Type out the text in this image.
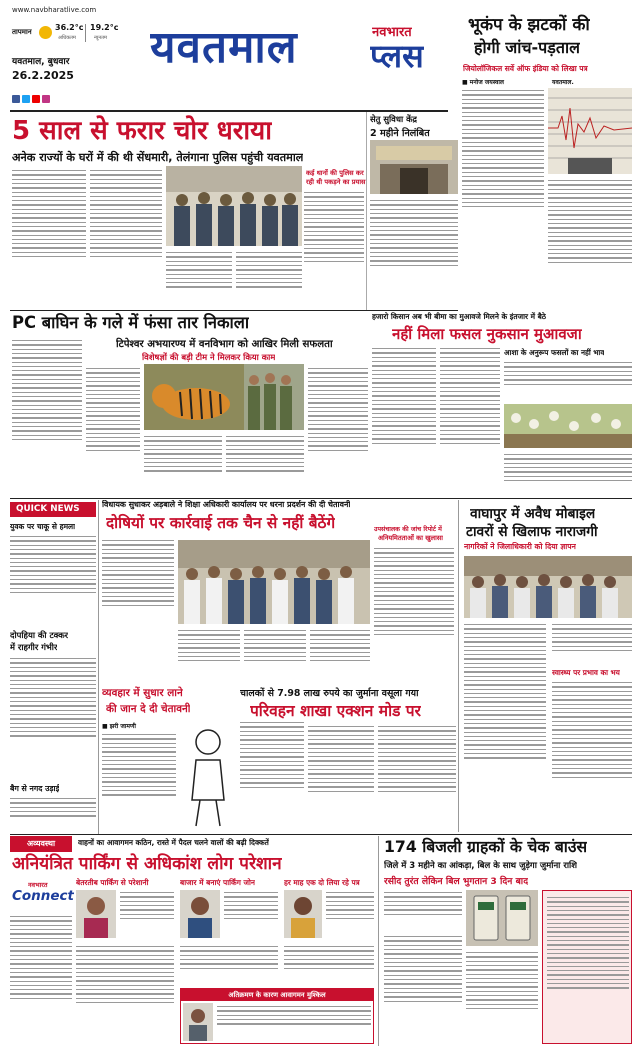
www.navbharatlive.com
तापमान	36.2°c
अधिकतम
19.2°c
न्यूनतम
यवतमाल, बुधवार
26.2.2025
यवतमाल	नवभारत
प्लस
भूकंप के झटकों की
होगी जांच-पड़ताल
जियोलॉजिकल सर्वे ऑफ इंडिया को लिखा पत्र
■ मनोज जयस्वाल	यवतमाल.
5 साल से फरार चोर धराया
अनेक राज्यों के घरों में की थी सेंधमारी, तेलंगाना पुलिस पहुंची यवतमाल
कई थानों की पुलिस कर
रही थी पकड़ने का प्रयास
सेतु सुविधा केंद्र
2 महीने निलंबित
PC बाघिन के गले में फंसा तार निकाला
टिपेश्वर अभयारण्य में वनविभाग को आखिर मिली सफलता
विशेषज्ञों की बड़ी टीम ने मिलकर किया काम
हजारो किसान अब भी बीमा का मुआवजे मिलने के इंतजार में बैठे
नहीं मिला फसल नुकसान मुआवजा
आशा के अनुरूप फसलों का नहीं भाव
QUICK NEWS
युवक पर चाकू से हमला
दोपहिया की टक्कर
में राहगीर गंभीर
बैग से नगद उड़ाई
विधायक सुधाकर अड़बाले ने शिक्षा अधिकारी कार्यालय पर धरना प्रदर्शन की दी चेतावनी
दोषियों पर कार्रवाई तक चैन से नहीं बैठेंगे	उपसंचालक की जांच रिपोर्ट में
अनियमितताओं का खुलासा
व्यवहार में सुधार लाने
की जान दे दी चेतावनी
■ झरी जामणी
चालकों से 7.98 लाख रुपये का जुर्माना वसूला गया
परिवहन शाखा एक्शन मोड पर
वाघापुर में अवैध मोबाइल
टावरों से खिलाफ नाराजगी
नागरिकों ने जिलाधिकारी को दिया ज्ञापन
स्वास्थ्य पर प्रभाव का भय
अव्यवस्था	वाहनों का आवागमन कठिन, रास्ते में पैदल चलने वालों की बढ़ी दिक्कतें
अनियंत्रित पार्किंग से अधिकांश लोग परेशान
नवभारत
Connect
बेतरतीब पार्किंग से परेशानी	बाजार में बनाएं पार्किंग जोन	हर माह एक दो लिया रहे पत्र
अतिक्रमण के कारण आवागमन मुश्किल
174 बिजली ग्राहकों के चेक बाउंस
जिले में 3 महीने का आंकड़ा, बिल के साथ जुड़ेगा जुर्माना राशि
रसीद तुरंत लेकिन बिल भुगतान 3 दिन बाद
